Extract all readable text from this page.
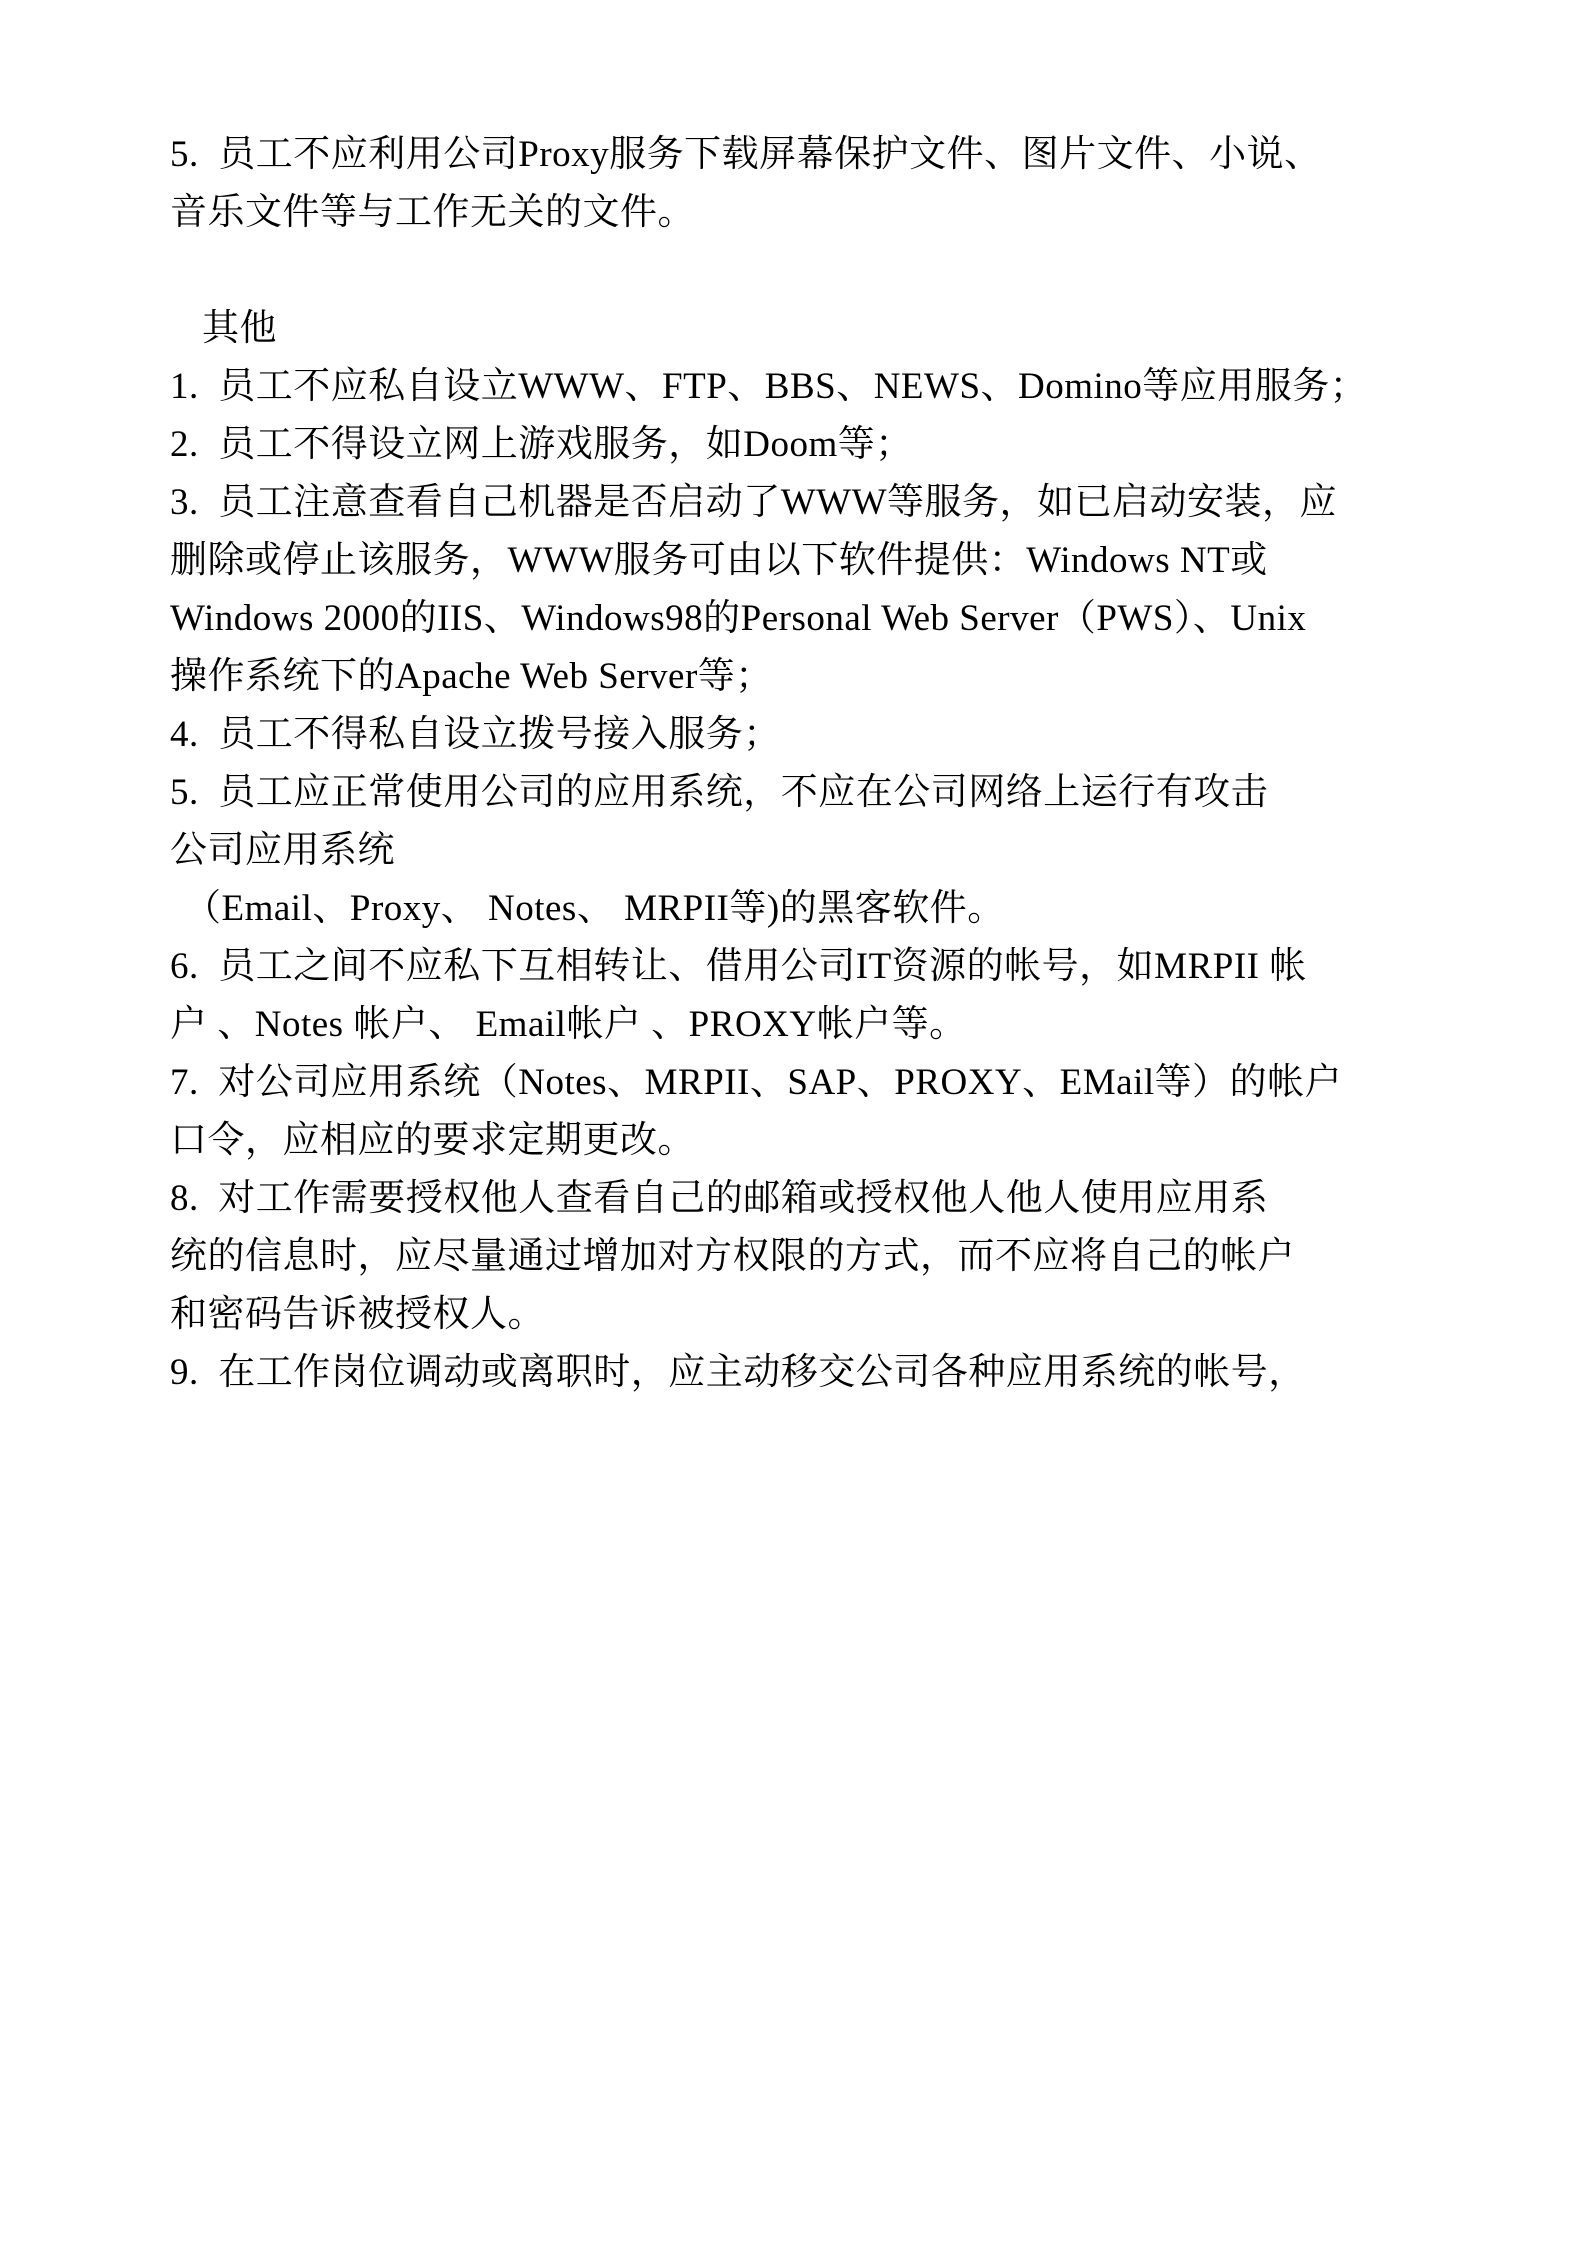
5.  员工不应利用公司Proxy服务下载屏幕保护文件、图片文件、小说、
音乐文件等与工作无关的文件。
其他
1.  员工不应私自设立WWW、FTP、BBS、NEWS、Domino等应用服务；
2.  员工不得设立网上游戏服务，如Doom等；
3.  员工注意查看自己机器是否启动了WWW等服务，如已启动安装，应
删除或停止该服务，WWW服务可由以下软件提供：Windows NT或
Windows 2000的IIS、Windows98的Personal Web Server（PWS）、Unix
操作系统下的Apache Web Server等；
4.  员工不得私自设立拨号接入服务；
5.  员工应正常使用公司的应用系统，不应在公司网络上运行有攻击
公司应用系统
（Email、Proxy、 Notes、 MRPII等)的黑客软件。
6.  员工之间不应私下互相转让、借用公司IT资源的帐号，如MRPII 帐
户 、Notes 帐户、 Email帐户 、PROXY帐户等。
7.  对公司应用系统（Notes、MRPII、SAP、PROXY、EMail等）的帐户
口令，应相应的要求定期更改。
8.  对工作需要授权他人查看自己的邮箱或授权他人他人使用应用系
统的信息时，应尽量通过增加对方权限的方式，而不应将自己的帐户
和密码告诉被授权人。
9.  在工作岗位调动或离职时，应主动移交公司各种应用系统的帐号，
